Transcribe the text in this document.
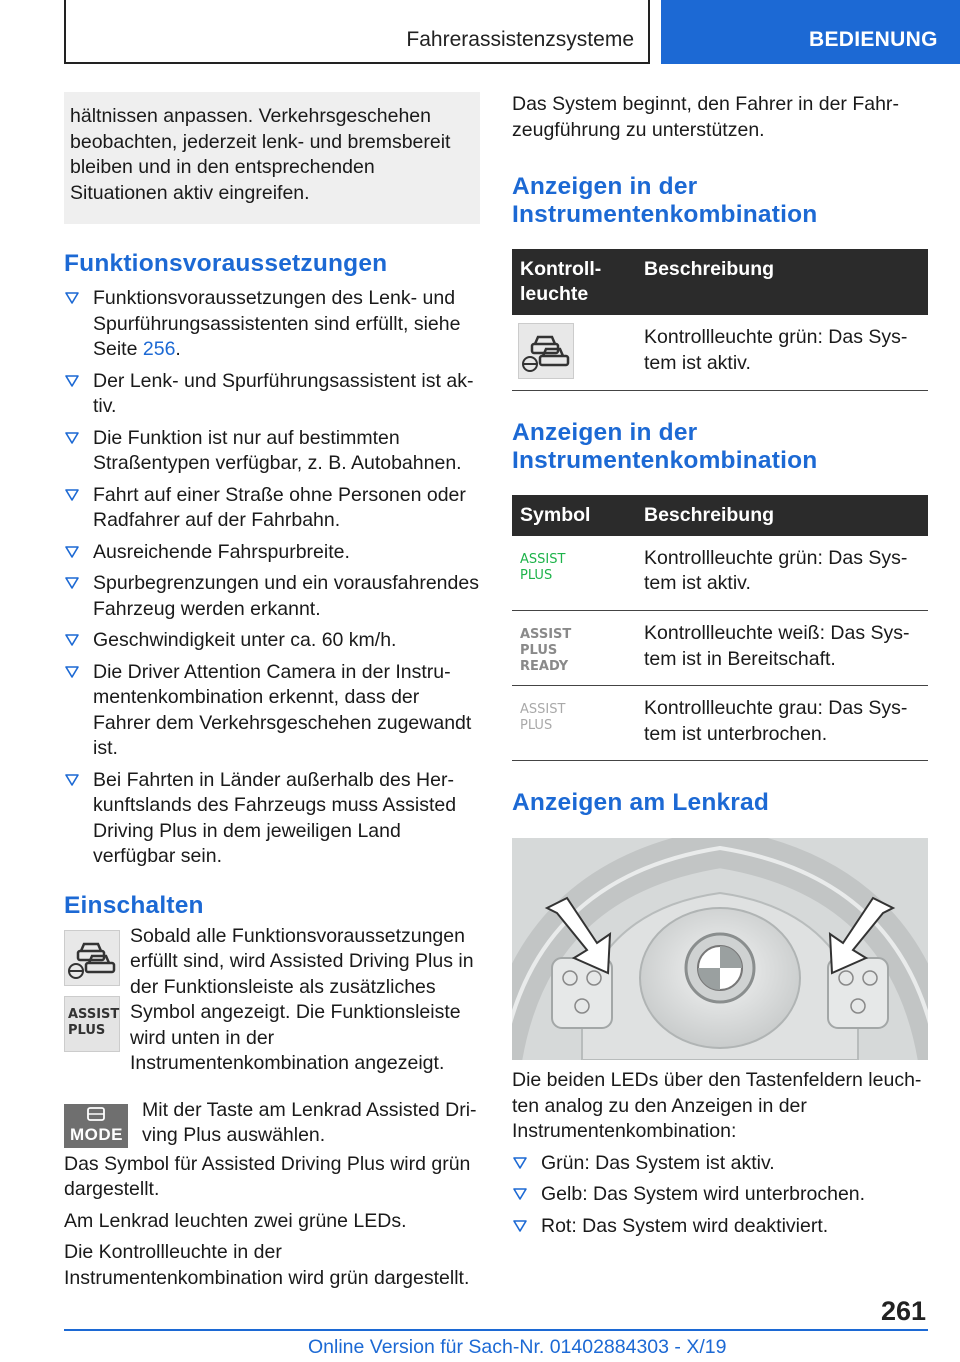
Fahrerassistenzsysteme	BEDIENUNG
hältnissen anpassen. Verkehrsgeschehen beobachten, jederzeit lenk- und bremsbereit bleiben und in den entsprechenden Situationen aktiv eingreifen.
Funktionsvoraussetzungen
Funktionsvoraussetzungen des Lenk- und Spurführungsassistenten sind erfüllt, siehe Seite 256.
Der Lenk- und Spurführungsassistent ist aktiv.
Die Funktion ist nur auf bestimmten Straßentypen verfügbar, z. B. Autobahnen.
Fahrt auf einer Straße ohne Personen oder Radfahrer auf der Fahrbahn.
Ausreichende Fahrspurbreite.
Spurbegrenzungen und ein vorausfahrendes Fahrzeug werden erkannt.
Geschwindigkeit unter ca. 60 km/h.
Die Driver Attention Camera in der Instrumentenkombination erkennt, dass der Fahrer dem Verkehrsgeschehen zugewandt ist.
Bei Fahrten in Länder außerhalb des Herkunftslands des Fahrzeugs muss Assisted Driving Plus in dem jeweiligen Land verfügbar sein.
Einschalten
ASSIST
PLUS

Sobald alle Funktionsvoraussetzungen erfüllt sind, wird Assisted Driving Plus in der Funktionsleiste als zusätzliches Symbol angezeigt. Die Funktionsleiste wird unten in der Instrumentenkombination angezeigt.

MODE

Mit der Taste am Lenkrad Assisted Driving Plus auswählen.

Das Symbol für Assisted Driving Plus wird grün dargestellt.

Am Lenkrad leuchten zwei grüne LEDs.

Die Kontrollleuchte in der Instrumentenkombination wird grün dargestellt.

Das System beginnt, den Fahrer in der Fahrzeugführung zu unterstützen.

Anzeigen in der Instrumentenkombination
Kontrollleuchte	Beschreibung

	Kontrollleuchte grün: Das System ist aktiv.
Anzeigen in der Instrumentenkombination
Symbol	Beschreibung

ASSIST
PLUS	Kontrollleuchte grün: Das System ist aktiv.

ASSIST
PLUS
READY	Kontrollleuchte weiß: Das System ist in Bereitschaft.

ASSIST
PLUS	Kontrollleuchte grau: Das System ist unterbrochen.
Anzeigen am Lenkrad

Die beiden LEDs über den Tastenfeldern leuchten analog zu den Anzeigen in der Instrumentenkombination:

Grün: Das System ist aktiv.
Gelb: Das System wird unterbrochen.
Rot: Das System wird deaktiviert.
261
Online Version für Sach-Nr. 01402884303 - X/19
